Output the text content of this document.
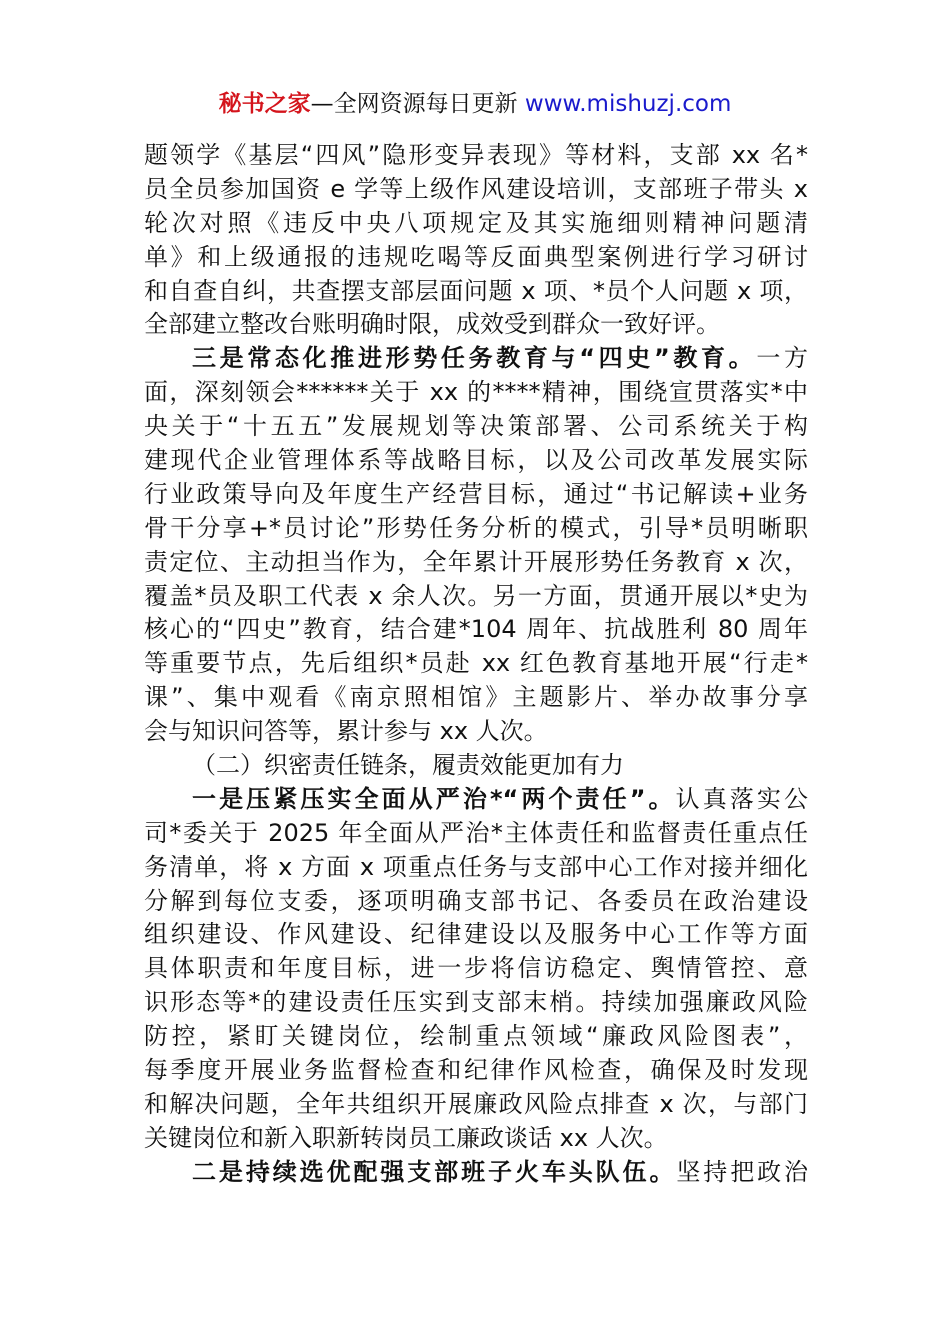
秘书之家—全网资源每日更新 www.mishuzj.com
题领学《基层“四风”隐形变异表现》等材料，支部 xx 名*
员全员参加国资 e 学等上级作风建设培训，支部班子带头 x
轮次对照《违反中央八项规定及其实施细则精神问题清
单》和上级通报的违规吃喝等反面典型案例进行学习研讨
和自查自纠，共查摆支部层面问题 x 项、*员个人问题 x 项，
全部建立整改台账明确时限，成效受到群众一致好评。
三是常态化推进形势任务教育与“四史”教育。一方
面，深刻领会******关于 xx 的****精神，围绕宣贯落实*中
央关于“十五五”发展规划等决策部署、公司系统关于构
建现代企业管理体系等战略目标，以及公司改革发展实际
行业政策导向及年度生产经营目标，通过“书记解读+业务
骨干分享+*员讨论”形势任务分析的模式，引导*员明晰职
责定位、主动担当作为，全年累计开展形势任务教育 x 次，
覆盖*员及职工代表 x 余人次。另一方面，贯通开展以*史为
核心的“四史”教育，结合建*104 周年、抗战胜利 80 周年
等重要节点，先后组织*员赴 xx 红色教育基地开展“行走*
课”、集中观看《南京照相馆》主题影片、举办故事分享
会与知识问答等，累计参与 xx 人次。
（二）织密责任链条，履责效能更加有力
一是压紧压实全面从严治*“两个责任”。认真落实公
司*委关于 2025 年全面从严治*主体责任和监督责任重点任
务清单，将 x 方面 x 项重点任务与支部中心工作对接并细化
分解到每位支委，逐项明确支部书记、各委员在政治建设
组织建设、作风建设、纪律建设以及服务中心工作等方面
具体职责和年度目标，进一步将信访稳定、舆情管控、意
识形态等*的建设责任压实到支部末梢。持续加强廉政风险
防控，紧盯关键岗位，绘制重点领域“廉政风险图表”，
每季度开展业务监督检查和纪律作风检查，确保及时发现
和解决问题，全年共组织开展廉政风险点排查 x 次，与部门
关键岗位和新入职新转岗员工廉政谈话 xx 人次。
二是持续选优配强支部班子火车头队伍。坚持把政治
